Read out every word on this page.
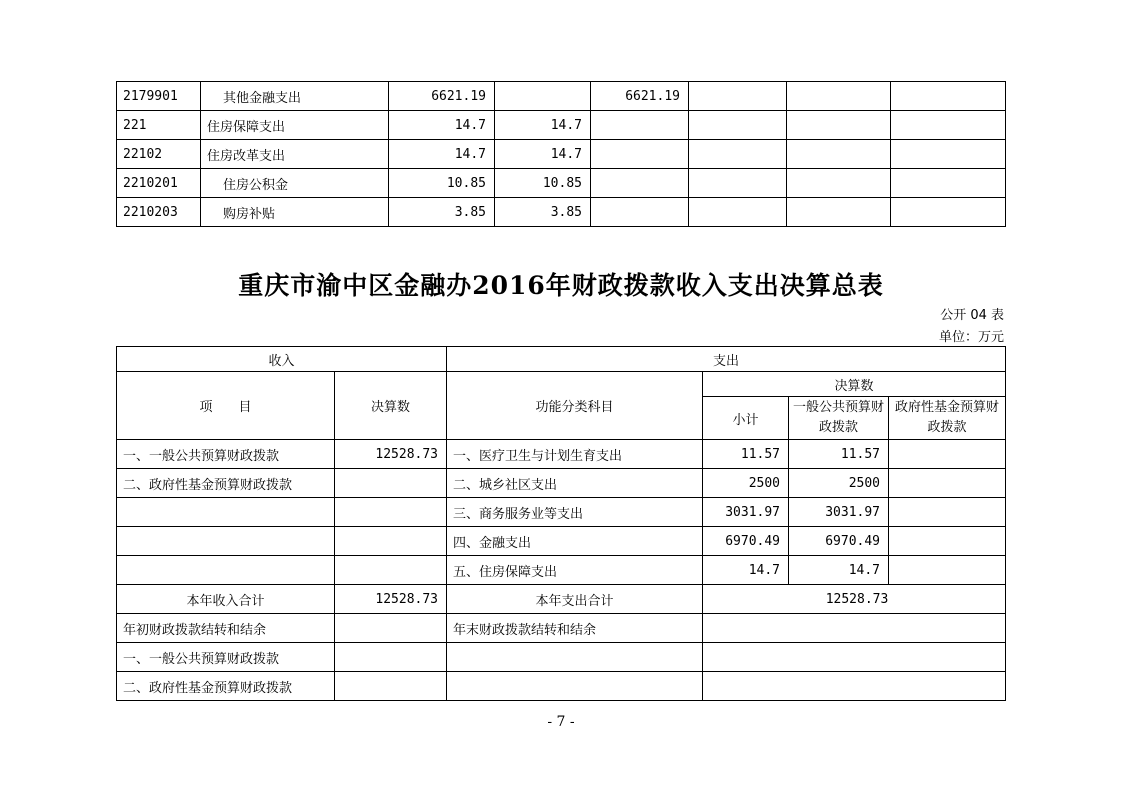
2179901	其他金融支出	6621.19		6621.19			
221	住房保障支出	14.7	14.7				
22102	住房改革支出	14.7	14.7				
2210201	住房公积金	10.85	10.85				
2210203	购房补贴	3.85	3.85				
重庆市渝中区金融办2016年财政拨款收入支出决算总表
公开 04 表
单位：万元
收入		支出			
项　　目	决算数	功能分类科目	决算数		
			小计	一般公共预算财政拨款	政府性基金预算财政拨款
一、一般公共预算财政拨款	12528.73	一、医疗卫生与计划生育支出	11.57	11.57	
二、政府性基金预算财政拨款		二、城乡社区支出	2500	2500	
		三、商务服务业等支出	3031.97	3031.97	
		四、金融支出	6970.49	6970.49	
		五、住房保障支出	14.7	14.7	
本年收入合计	12528.73	本年支出合计	12528.73		
年初财政拨款结转和结余		年末财政拨款结转和结余			
一、一般公共预算财政拨款					
二、政府性基金预算财政拨款					
- 7 -
